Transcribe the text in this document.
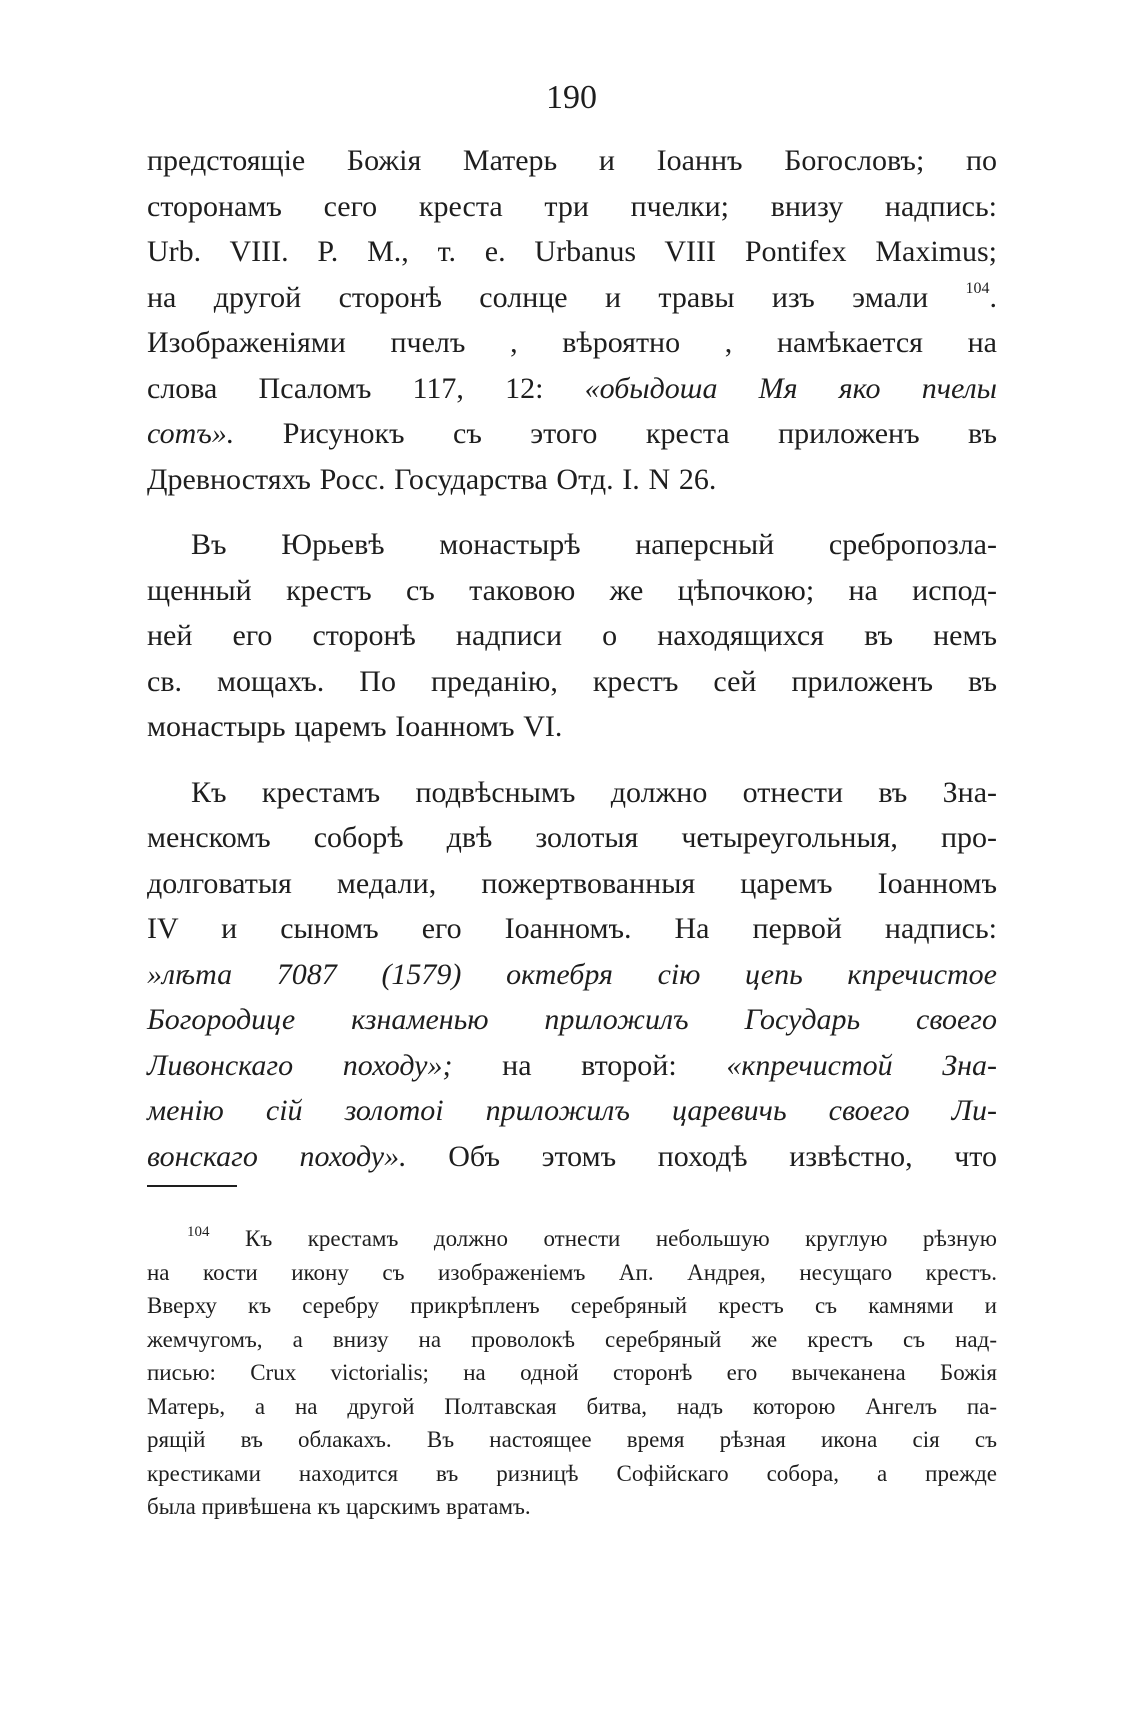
190

предстоящіе Божія Матерь и Іоаннъ Богословъ; по
сторонамъ сего креста три пчелки; внизу надпись:
Urb. VIII. P. M., т. е. Urbanus VIII Pontifex Maximus;
на другой сторонѣ солнце и травы изъ эмали $^{104}$.
Изображеніями пчелъ , вѣроятно , намѣкается на
слова Псаломъ 117, 12: «обыдоша Мя яко пчелы
сотъ». Рисунокъ съ этого креста приложенъ въ
Древностяхъ Росс. Государства Отд. I. N 26.

Въ Юрьевѣ монастырѣ наперсный сребропозла-
щенный крестъ съ таковою же цѣпочкою; на испод-
ней его сторонѣ надписи о находящихся въ немъ
св. мощахъ. По преданію, крестъ сей приложенъ въ
монастырь царемъ Іоанномъ VI.

Къ крестамъ подвѣснымъ должно отнести въ Зна-
менскомъ соборѣ двѣ золотыя четыреугольныя, про-
долговатыя медали, пожертвованныя царемъ Іоанномъ
IV и сыномъ его Іоанномъ. На первой надпись:
»лѣта 7087 (1579) октебря сію цепь кпречистое
Богородице кзнаменью приложилъ Государь своего
Ливонскаго походу»; на второй: «кпречистой Зна-
менію сій золотоі приложилъ царевичь своего Ли-
вонскаго походу». Объ этомъ походѣ извѣстно, что

$^{104}$ Къ крестамъ должно отнести небольшую круглую рѣзную
на кости икону съ изображеніемъ Ап. Андрея, несущаго крестъ.
Вверху къ серебру прикрѣпленъ серебряный крестъ съ камнями и
жемчугомъ, а внизу на проволокѣ серебряный же крестъ съ над-
писью: Crux victorialis; на одной сторонѣ его вычеканена Божія
Матерь, а на другой Полтавская битва, надъ которою Ангелъ па-
рящій въ облакахъ. Въ настоящее время рѣзная икона сія съ
крестиками находится въ ризницѣ Софійскаго собора, а прежде
была привѣшена къ царскимъ вратамъ.
